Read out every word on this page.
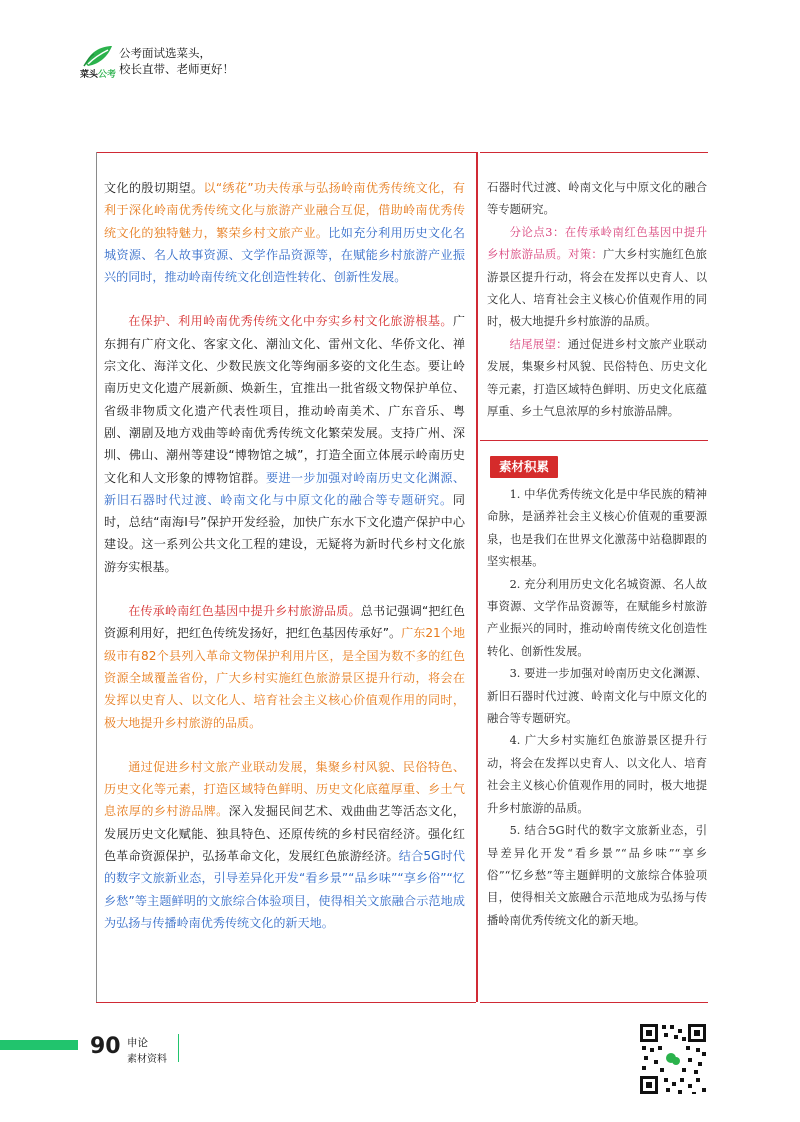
菜头公考
公考面试选菜头，
校长直带、老师更好！

文化的殷切期望。以“绣花”功夫传承与弘扬岭南优秀传统文化，有利于深化岭南优秀传统文化与旅游产业融合互促，借助岭南优秀传统文化的独特魅力，繁荣乡村文旅产业。比如充分利用历史文化名城资源、名人故事资源、文学作品资源等，在赋能乡村旅游产业振兴的同时，推动岭南传统文化创造性转化、创新性发展。

在保护、利用岭南优秀传统文化中夯实乡村文化旅游根基。广东拥有广府文化、客家文化、潮汕文化、雷州文化、华侨文化、禅宗文化、海洋文化、少数民族文化等绚丽多姿的文化生态。要让岭南历史文化遗产展新颜、焕新生，宜推出一批省级文物保护单位、省级非物质文化遗产代表性项目，推动岭南美术、广东音乐、粤剧、潮剧及地方戏曲等岭南优秀传统文化繁荣发展。支持广州、深圳、佛山、潮州等建设“博物馆之城”，打造全面立体展示岭南历史文化和人文形象的博物馆群。要进一步加强对岭南历史文化渊源、新旧石器时代过渡、岭南文化与中原文化的融合等专题研究。同时，总结“南海Ⅰ号”保护开发经验，加快广东水下文化遗产保护中心建设。这一系列公共文化工程的建设，无疑将为新时代乡村文化旅游夯实根基。

在传承岭南红色基因中提升乡村旅游品质。总书记强调“把红色资源利用好，把红色传统发扬好，把红色基因传承好”。广东21个地级市有82个县列入革命文物保护利用片区，是全国为数不多的红色资源全域覆盖省份，广大乡村实施红色旅游景区提升行动，将会在发挥以史育人、以文化人、培育社会主义核心价值观作用的同时，极大地提升乡村旅游的品质。

通过促进乡村文旅产业联动发展，集聚乡村风貌、民俗特色、历史文化等元素，打造区域特色鲜明、历史文化底蕴厚重、乡土气息浓厚的乡村游品牌。深入发掘民间艺术、戏曲曲艺等活态文化，发展历史文化赋能、独具特色、还原传统的乡村民宿经济。强化红色革命资源保护，弘扬革命文化，发展红色旅游经济。结合5G时代的数字文旅新业态，引导差异化开发“看乡景”“品乡味”“享乡俗”“忆乡愁”等主题鲜明的文旅综合体验项目，使得相关文旅融合示范地成为弘扬与传播岭南优秀传统文化的新天地。

石器时代过渡、岭南文化与中原文化的融合等专题研究。

分论点3：在传承岭南红色基因中提升乡村旅游品质。对策：广大乡村实施红色旅游景区提升行动，将会在发挥以史育人、以文化人、培育社会主义核心价值观作用的同时，极大地提升乡村旅游的品质。

结尾展望：通过促进乡村文旅产业联动发展，集聚乡村风貌、民俗特色、历史文化等元素，打造区域特色鲜明、历史文化底蕴厚重、乡土气息浓厚的乡村旅游品牌。

素材积累

1. 中华优秀传统文化是中华民族的精神命脉，是涵养社会主义核心价值观的重要源泉，也是我们在世界文化激荡中站稳脚跟的坚实根基。

2. 充分利用历史文化名城资源、名人故事资源、文学作品资源等，在赋能乡村旅游产业振兴的同时，推动岭南传统文化创造性转化、创新性发展。

3. 要进一步加强对岭南历史文化渊源、新旧石器时代过渡、岭南文化与中原文化的融合等专题研究。

4. 广大乡村实施红色旅游景区提升行动，将会在发挥以史育人、以文化人、培育社会主义核心价值观作用的同时，极大地提升乡村旅游的品质。

5. 结合5G时代的数字文旅新业态，引导差异化开发“看乡景”“品乡味”“享乡俗”“忆乡愁”等主题鲜明的文旅综合体验项目，使得相关文旅融合示范地成为弘扬与传播岭南优秀传统文化的新天地。

90 申论
素材资料
